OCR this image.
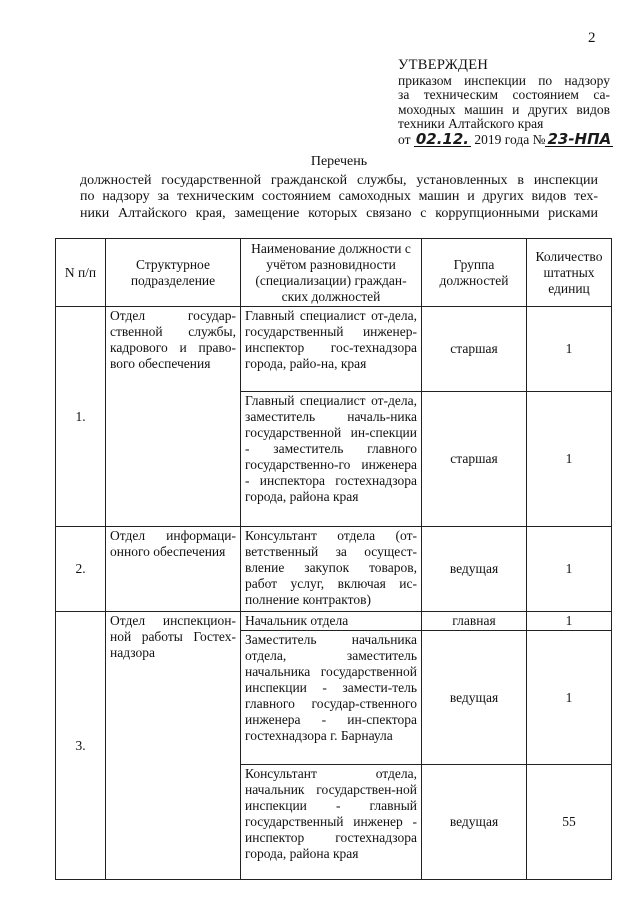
2
УТВЕРЖДЕН
приказом инспекции по надзору
за техническим состоянием са-
моходных машин и других видов
техники Алтайского края
от 02.12. 2019 года № 23-НПА
Перечень
должностей государственной гражданской службы, установленных в инспекции
по надзору за техническим состоянием самоходных машин и других видов тех-
ники Алтайского края, замещение которых связано с коррупционными рисками
N п/п	Структурное подразделение	Наименование должности с учётом разновидности (специализации) граждан-ских должностей	Группа должностей	Количество штатных единиц
1.	Отдел государ-ственной службы, кадрового и право-вого обеспечения	Главный специалист от-дела, государственный инженер-инспектор гос-технадзора города, райо-на, края	старшая	1
		Главный специалист от-дела, заместитель началь-ника государственной ин-спекции - заместитель главного государственно-го инженера - инспектора гостехнадзора города, района края	старшая	1
2.	Отдел информаци-онного обеспечения	Консультант отдела (от-ветственный за осущест-вление закупок товаров, работ услуг, включая ис-полнение контрактов)	ведущая	1
3.	Отдел инспекцион-ной работы Гостех-надзора	Начальник отдела	главная	1
		Заместитель начальника отдела, заместитель начальника государственной инспекции - замести-тель главного государ-ственного инженера - ин-спектора гостехнадзора г. Барнаула	ведущая	1
		Консультант отдела, начальник государствен-ной инспекции - главный государственный инженер - инспектор гостехнадзора города, района края	ведущая	55
